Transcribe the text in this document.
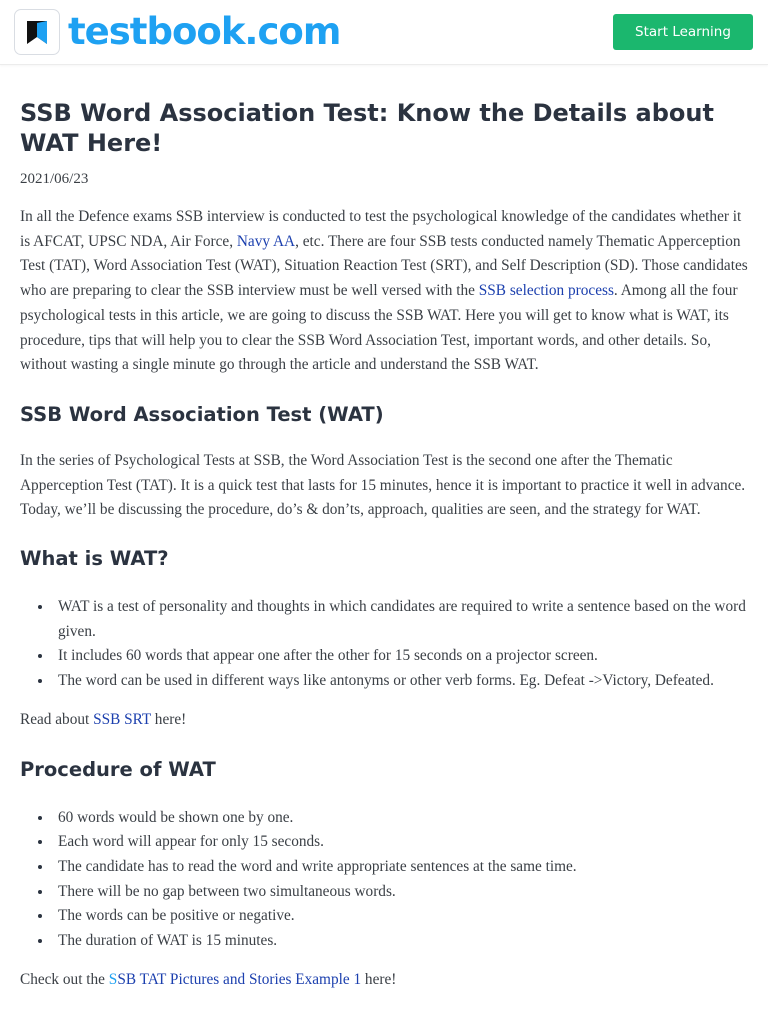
testbook.com	Start Learning
SSB Word Association Test: Know the Details about WAT Here!
2021/06/23

In all the Defence exams SSB interview is conducted to test the psychological knowledge of the candidates whether it is AFCAT, UPSC NDA, Air Force, Navy AA, etc. There are four SSB tests conducted namely Thematic Apperception Test (TAT), Word Association Test (WAT), Situation Reaction Test (SRT), and Self Description (SD). Those candidates who are preparing to clear the SSB interview must be well versed with the SSB selection process. Among all the four psychological tests in this article, we are going to discuss the SSB WAT. Here you will get to know what is WAT, its procedure, tips that will help you to clear the SSB Word Association Test, important words, and other details. So, without wasting a single minute go through the article and understand the SSB WAT.

SSB Word Association Test (WAT)

In the series of Psychological Tests at SSB, the Word Association Test is the second one after the Thematic Apperception Test (TAT). It is a quick test that lasts for 15 minutes, hence it is important to practice it well in advance. Today, we’ll be discussing the procedure, do’s & don’ts, approach, qualities are seen, and the strategy for WAT.

What is WAT?
WAT is a test of personality and thoughts in which candidates are required to write a sentence based on the word given.
It includes 60 words that appear one after the other for 15 seconds on a projector screen.
The word can be used in different ways like antonyms or other verb forms. Eg. Defeat ->Victory, Defeated.

Read about SSB SRT here!

Procedure of WAT
60 words would be shown one by one.
Each word will appear for only 15 seconds.
The candidate has to read the word and write appropriate sentences at the same time.
There will be no gap between two simultaneous words.
The words can be positive or negative.
The duration of WAT is 15 minutes.

Check out the SSB TAT Pictures and Stories Example 1 here!
